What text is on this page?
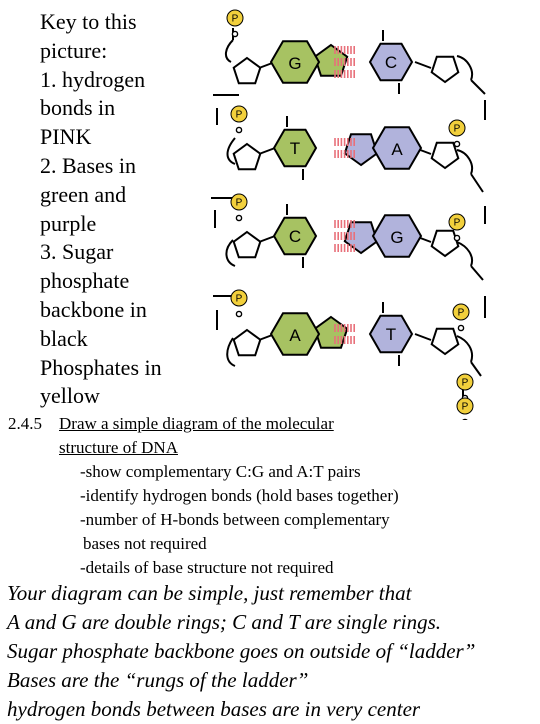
Key to this
picture:
1. hydrogen
bonds in
PINK
2. Bases in
green and
purple
3. Sugar
phosphate
backbone in
black
Phosphates in
yellow
P
P
P
P
P
P
P
P
P
G	C
T	A
C	G
A	T
2.4.5 Draw a simple diagram of the molecular
structure of DNA
-show complementary C:G and A:T pairs
-identify hydrogen bonds (hold bases together)
-number of H-bonds between complementary
bases not required
-details of base structure not required
Your diagram can be simple, just remember that
A and G are double rings; C and T are single rings.
Sugar phosphate backbone goes on outside of “ladder”
Bases are the “rungs of the ladder”
hydrogen bonds between bases are in very center
